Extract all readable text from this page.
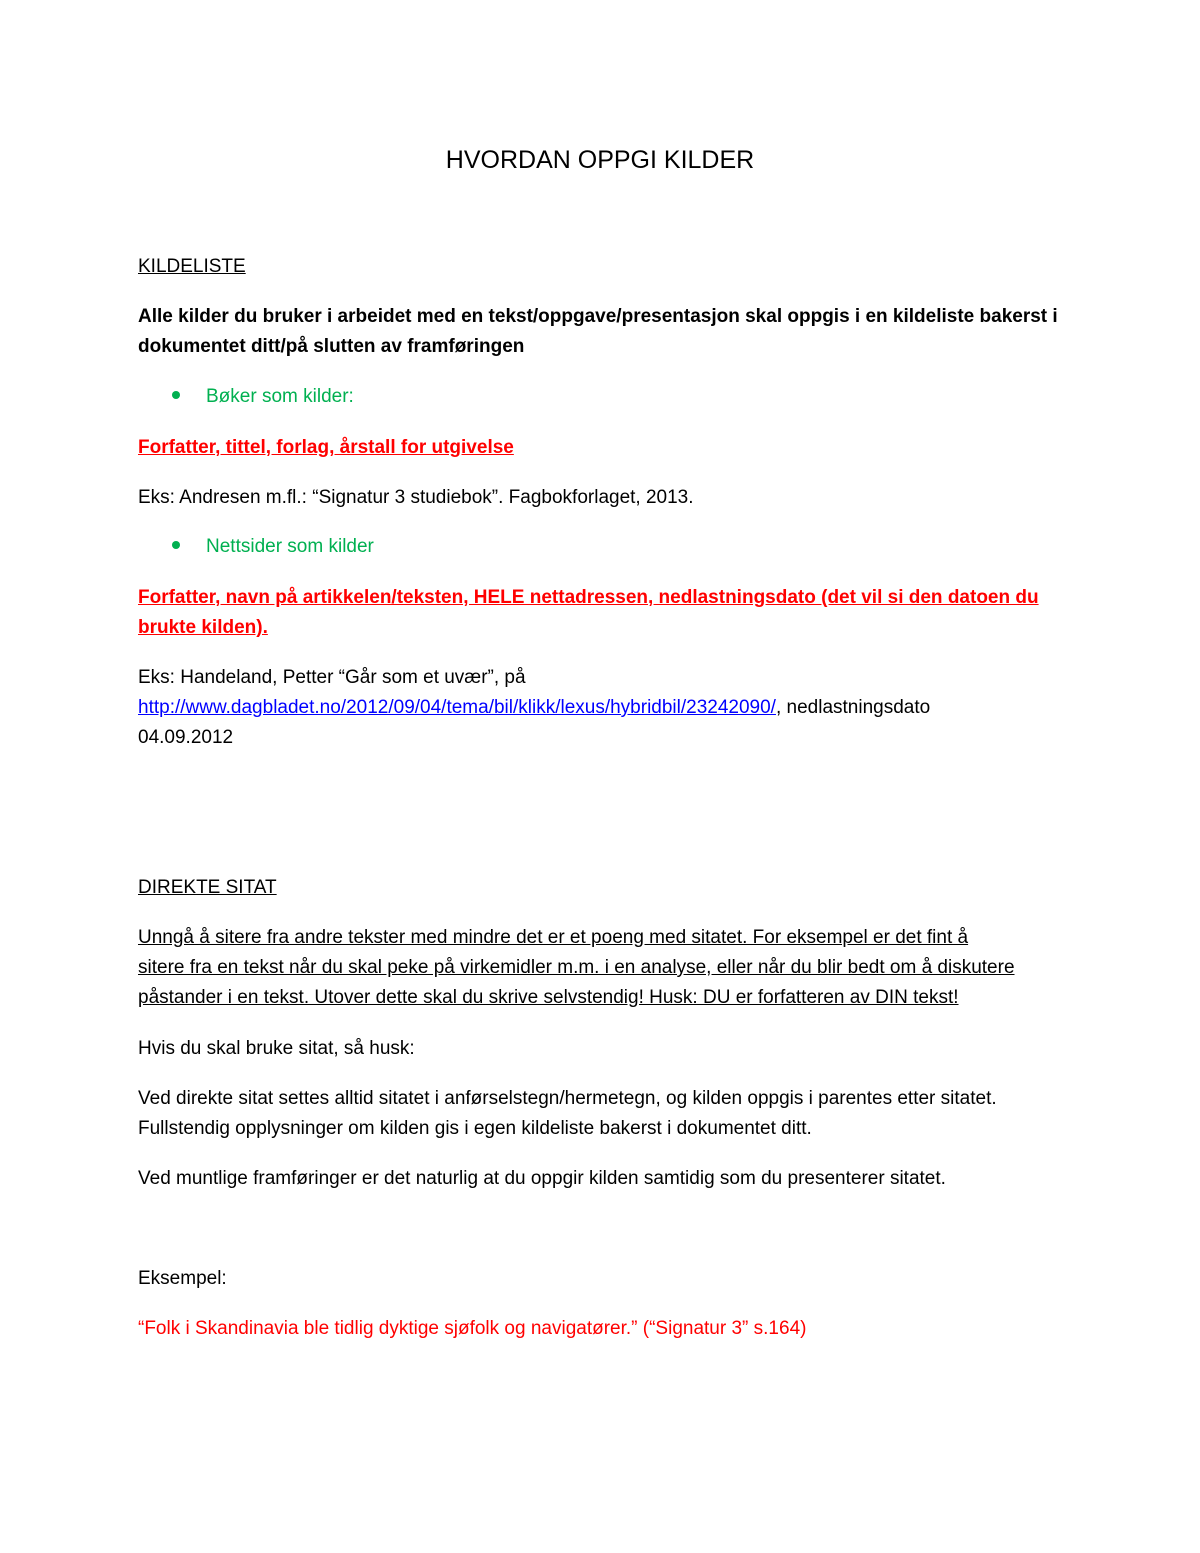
HVORDAN OPPGI KILDER
KILDELISTE
Alle kilder du bruker i arbeidet med en tekst/oppgave/presentasjon skal oppgis i en kildeliste bakerst i
dokumentet ditt/på slutten av framføringen
Bøker som kilder:
Forfatter, tittel, forlag, årstall for utgivelse
Eks: Andresen m.fl.: “Signatur 3 studiebok”. Fagbokforlaget, 2013.
Nettsider som kilder
Forfatter, navn på artikkelen/teksten, HELE nettadressen, nedlastningsdato (det vil si den datoen du
brukte kilden).
Eks: Handeland, Petter “Går som et uvær”, på
http://www.dagbladet.no/2012/09/04/tema/bil/klikk/lexus/hybridbil/23242090/, nedlastningsdato
04.09.2012
DIREKTE SITAT
Unngå å sitere fra andre tekster med mindre det er et poeng med sitatet. For eksempel er det fint å
sitere fra en tekst når du skal peke på virkemidler m.m. i en analyse, eller når du blir bedt om å diskutere
påstander i en tekst. Utover dette skal du skrive selvstendig! Husk: DU er forfatteren av DIN tekst!
Hvis du skal bruke sitat, så husk:
Ved direkte sitat settes alltid sitatet i anførselstegn/hermetegn, og kilden oppgis i parentes etter sitatet.
Fullstendig opplysninger om kilden gis i egen kildeliste bakerst i dokumentet ditt.
Ved muntlige framføringer er det naturlig at du oppgir kilden samtidig som du presenterer sitatet.
Eksempel:
“Folk i Skandinavia ble tidlig dyktige sjøfolk og navigatører.” (“Signatur 3” s.164)
